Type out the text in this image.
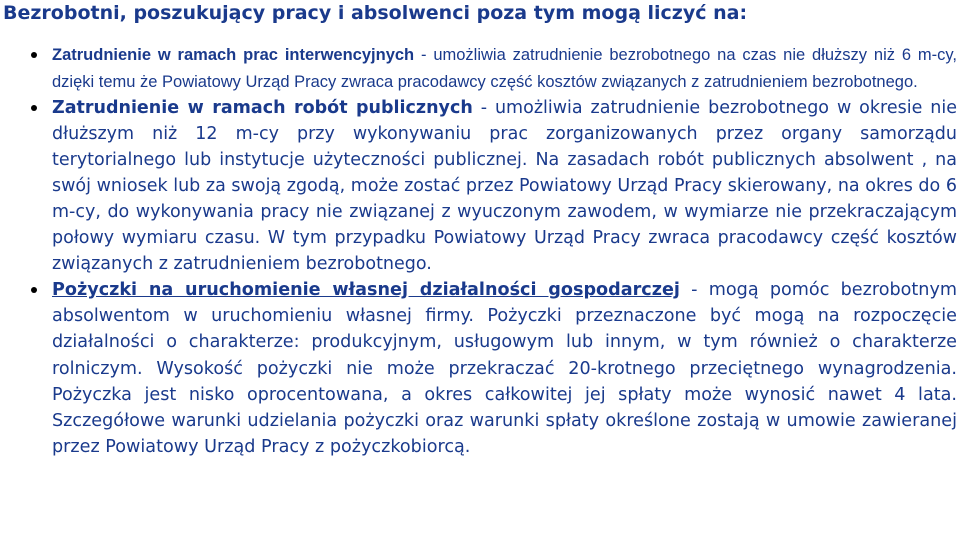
Bezrobotni, poszukujący pracy i absolwenci poza tym mogą liczyć na:
Zatrudnienie w ramach prac interwencyjnych - umożliwia zatrudnienie bezrobotnego na czas nie dłuższy niż 6 m-cy, dzięki temu że Powiatowy Urząd Pracy zwraca pracodawcy część kosztów związanych z zatrudnieniem bezrobotnego.
Zatrudnienie w ramach robót publicznych - umożliwia zatrudnienie bezrobotnego w okresie nie dłuższym niż 12 m-cy przy wykonywaniu prac zorganizowanych przez organy samorządu terytorialnego lub instytucje użyteczności publicznej. Na zasadach robót publicznych absolwent , na swój wniosek lub za swoją zgodą, może zostać przez Powiatowy Urząd Pracy skierowany, na okres do 6 m-cy, do wykonywania pracy nie związanej z wyuczonym zawodem, w wymiarze nie przekraczającym połowy wymiaru czasu. W tym przypadku Powiatowy Urząd Pracy zwraca pracodawcy część kosztów związanych z zatrudnieniem bezrobotnego.
Pożyczki na uruchomienie własnej działalności gospodarczej - mogą pomóc bezrobotnym absolwentom w uruchomieniu własnej firmy. Pożyczki przeznaczone być mogą na rozpoczęcie działalności o charakterze: produkcyjnym, usługowym lub innym, w tym również o charakterze rolniczym. Wysokość pożyczki nie może przekraczać 20-krotnego przeciętnego wynagrodzenia. Pożyczka jest nisko oprocentowana, a okres całkowitej jej spłaty może wynosić nawet 4 lata. Szczegółowe warunki udzielania pożyczki oraz warunki spłaty określone zostają w umowie zawieranej przez Powiatowy Urząd Pracy z pożyczkobiorcą.
